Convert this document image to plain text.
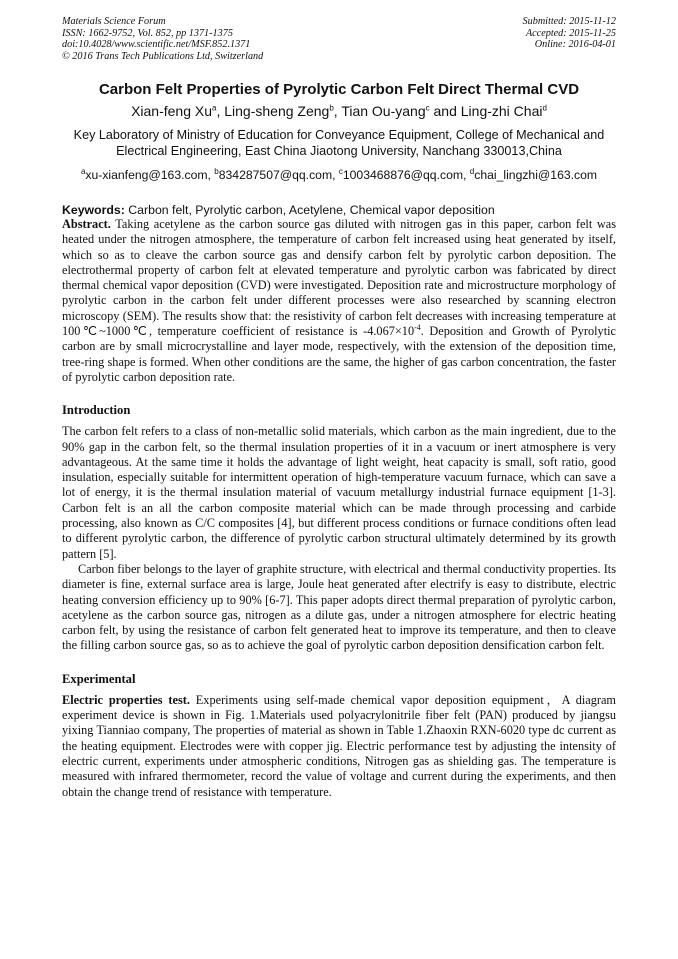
Materials Science Forum
ISSN: 1662-9752, Vol. 852, pp 1371-1375
doi:10.4028/www.scientific.net/MSF.852.1371
© 2016 Trans Tech Publications Ltd, Switzerland
Submitted: 2015-11-12
Accepted: 2015-11-25
Online: 2016-04-01
Carbon Felt Properties of Pyrolytic Carbon Felt Direct Thermal CVD
Xian-feng Xu$^a$, Ling-sheng Zeng$^b$, Tian Ou-yang$^c$ and Ling-zhi Chai$^d$
Key Laboratory of Ministry of Education for Conveyance Equipment, College of Mechanical and
Electrical Engineering, East China Jiaotong University, Nanchang 330013,China
$^a$xu-xianfeng@163.com, $^b$834287507@qq.com, $^c$1003468876@qq.com, $^d$chai_lingzhi@163.com
Keywords: Carbon felt, Pyrolytic carbon, Acetylene, Chemical vapor deposition

Abstract. Taking acetylene as the carbon source gas diluted with nitrogen gas in this paper, carbon felt was heated under the nitrogen atmosphere, the temperature of carbon felt increased using heat generated by itself, which so as to cleave the carbon source gas and densify carbon felt by pyrolytic carbon deposition. The electrothermal property of carbon felt at elevated temperature and pyrolytic carbon was fabricated by direct thermal chemical vapor deposition (CVD) were investigated. Deposition rate and microstructure morphology of pyrolytic carbon in the carbon felt under different processes were also researched by scanning electron microscopy (SEM). The results show that: the resistivity of carbon felt decreases with increasing temperature at 100℃~1000℃, temperature coefficient of resistance is $-4.067\times 10^{-4}$. Deposition and Growth of Pyrolytic carbon are by small microcrystalline and layer mode, respectively, with the extension of the deposition time, tree-ring shape is formed. When other conditions are the same, the higher of gas carbon concentration, the faster of pyrolytic carbon deposition rate.

Introduction

The carbon felt refers to a class of non-metallic solid materials, which carbon as the main ingredient, due to the 90% gap in the carbon felt, so the thermal insulation properties of it in a vacuum or inert atmosphere is very advantageous. At the same time it holds the advantage of light weight, heat capacity is small, soft ratio, good insulation, especially suitable for intermittent operation of high-temperature vacuum furnace, which can save a lot of energy, it is the thermal insulation material of vacuum metallurgy industrial furnace equipment [1-3]. Carbon felt is an all the carbon composite material which can be made through processing and carbide processing, also known as C/C composites [4], but different process conditions or furnace conditions often lead to different pyrolytic carbon, the difference of pyrolytic carbon structural ultimately determined by its growth pattern [5].

Carbon fiber belongs to the layer of graphite structure, with electrical and thermal conductivity properties. Its diameter is fine, external surface area is large, Joule heat generated after electrify is easy to distribute, electric heating conversion efficiency up to 90% [6-7]. This paper adopts direct thermal preparation of pyrolytic carbon, acetylene as the carbon source gas, nitrogen as a dilute gas, under a nitrogen atmosphere for electric heating carbon felt, by using the resistance of carbon felt generated heat to improve its temperature, and then to cleave the filling carbon source gas, so as to achieve the goal of pyrolytic carbon deposition densification carbon felt.

Experimental

Electric properties test. Experiments using self-made chemical vapor deposition equipment，A diagram experiment device is shown in Fig. 1.Materials used polyacrylonitrile fiber felt (PAN) produced by jiangsu yixing Tianniao company, The properties of material as shown in Table 1.Zhaoxin RXN-6020 type dc current as the heating equipment. Electrodes were with copper jig. Electric performance test by adjusting the intensity of electric current, experiments under atmospheric conditions, Nitrogen gas as shielding gas. The temperature is measured with infrared thermometer, record the value of voltage and current during the experiments, and then obtain the change trend of resistance with temperature.
